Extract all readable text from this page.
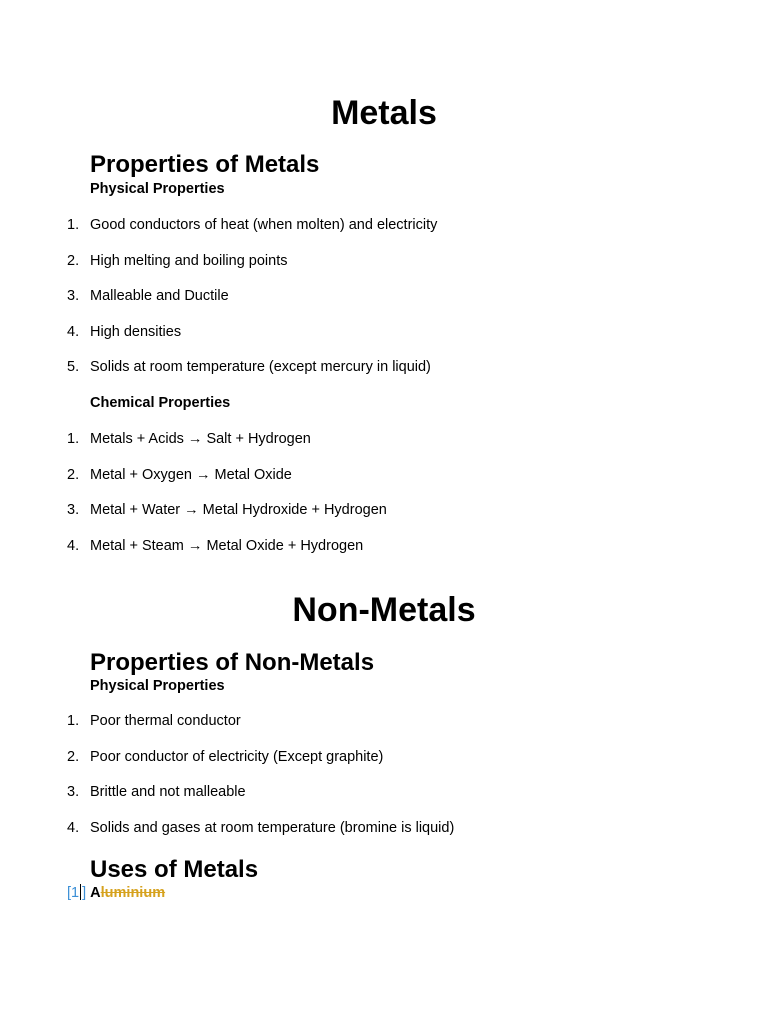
Metals
Properties of Metals
Physical Properties
1. Good conductors of heat (when molten) and electricity
2. High melting and boiling points
3. Malleable and Ductile
4. High densities
5. Solids at room temperature (except mercury in liquid)
Chemical Properties
1. Metals + Acids → Salt + Hydrogen
2. Metal + Oxygen → Metal Oxide
3. Metal + Water → Metal Hydroxide + Hydrogen
4. Metal + Steam → Metal Oxide + Hydrogen
Non-Metals
Properties of Non-Metals
Physical Properties
1. Poor thermal conductor
2. Poor conductor of electricity (Except graphite)
3. Brittle and not malleable
4. Solids and gases at room temperature (bromine is liquid)
Uses of Metals
[1 ] Aluminium
